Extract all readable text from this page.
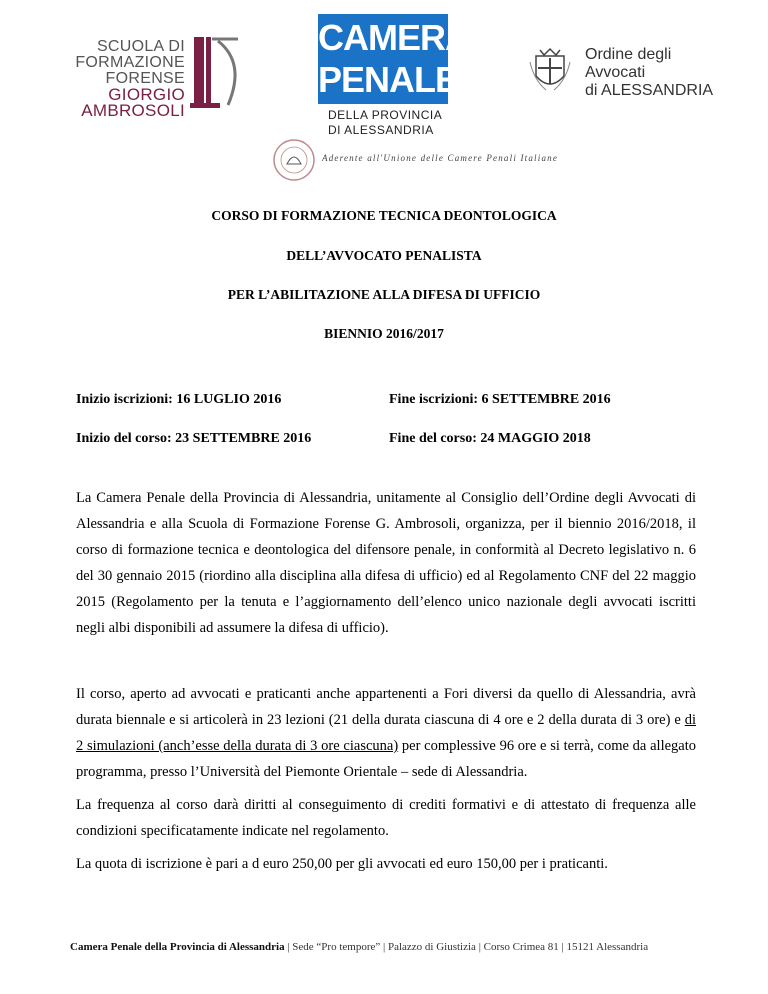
SCUOLA DI
FORMAZIONE
FORENSE
GIORGIO
AMBROSOLI
CAMERA
PENALE
DELLA PROVINCIA
DI ALESSANDRIA
Aderente all'Unione delle Camere Penali Italiane
Ordine degli
Avvocati
di ALESSANDRIA
CORSO DI FORMAZIONE TECNICA DEONTOLOGICA
DELL’AVVOCATO PENALISTA
PER L’ABILITAZIONE ALLA DIFESA DI UFFICIO
BIENNIO 2016/2017
Inizio iscrizioni: 16 LUGLIO 2016	Fine iscrizioni: 6 SETTEMBRE 2016
Inizio del corso: 23 SETTEMBRE 2016	Fine del corso: 24 MAGGIO 2018
La Camera Penale della Provincia di Alessandria, unitamente al Consiglio dell’Ordine degli Avvocati di Alessandria e alla Scuola di Formazione Forense G. Ambrosoli, organizza, per il biennio 2016/2018, il corso di formazione tecnica e deontologica del difensore penale, in conformità al Decreto legislativo n. 6 del 30 gennaio 2015 (riordino alla disciplina alla difesa di ufficio) ed al Regolamento CNF del 22 maggio 2015 (Regolamento per la tenuta e l’aggiornamento dell’elenco unico nazionale degli avvocati iscritti negli albi disponibili ad assumere la difesa di ufficio).
Il corso, aperto ad avvocati e praticanti anche appartenenti a Fori diversi da quello di Alessandria, avrà durata biennale e si articolerà in 23 lezioni (21 della durata ciascuna di 4 ore e 2 della durata di 3 ore) e di 2 simulazioni (anch’esse della durata di 3 ore ciascuna) per complessive 96 ore e si terrà, come da allegato programma, presso l’Università del Piemonte Orientale – sede di Alessandria.
La frequenza al corso darà diritti al conseguimento di crediti formativi e di attestato di frequenza alle condizioni specificatamente indicate nel regolamento.
La quota di iscrizione è pari a d euro 250,00 per gli avvocati ed euro 150,00 per i praticanti.
Camera Penale della Provincia di Alessandria | Sede “Pro tempore” | Palazzo di Giustizia | Corso Crimea 81 | 15121 Alessandria
